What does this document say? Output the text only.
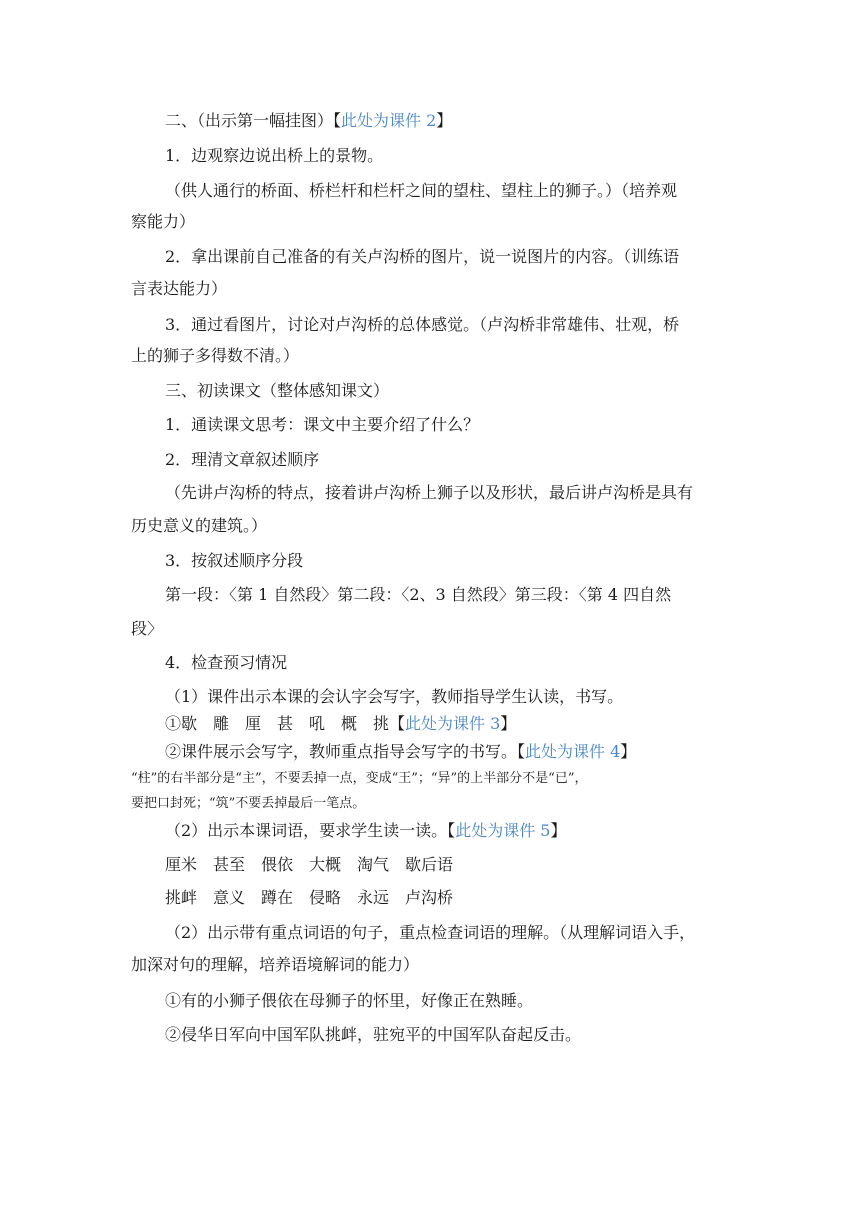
二、（出示第一幅挂图）【此处为课件 2】
1．边观察边说出桥上的景物。
（供人通行的桥面、桥栏杆和栏杆之间的望柱、望柱上的狮子。）（培养观
察能力）
2．拿出课前自己准备的有关卢沟桥的图片，说一说图片的内容。（训练语
言表达能力）
3．通过看图片，讨论对卢沟桥的总体感觉。（卢沟桥非常雄伟、壮观，桥
上的狮子多得数不清。）
三、初读课文（整体感知课文）
1．通读课文思考：课文中主要介绍了什么？
2．理清文章叙述顺序
（先讲卢沟桥的特点，接着讲卢沟桥上狮子以及形状，最后讲卢沟桥是具有
历史意义的建筑。）
3．按叙述顺序分段
第一段：〈第 1 自然段〉第二段：〈2、3 自然段〉第三段：〈第 4 四自然
段〉
4．检查预习情况
（1）课件出示本课的会认字会写字，教师指导学生认读，书写。
①歇　雕　厘　甚　吼　概　挑【此处为课件 3】
②课件展示会写字，教师重点指导会写字的书写。【此处为课件 4】
“柱”的右半部分是“主”，不要丢掉一点，变成“王”；“异”的上半部分不是“已”，
要把口封死；“筑”不要丢掉最后一笔点。
（2）出示本课词语，要求学生读一读。【此处为课件 5】
厘米　甚至　偎依　大概　淘气　歇后语
挑衅　意义　蹲在　侵略　永远　卢沟桥
（2）出示带有重点词语的句子，重点检查词语的理解。（从理解词语入手，
加深对句的理解，培养语境解词的能力）
①有的小狮子偎依在母狮子的怀里，好像正在熟睡。
②侵华日军向中国军队挑衅，驻宛平的中国军队奋起反击。
